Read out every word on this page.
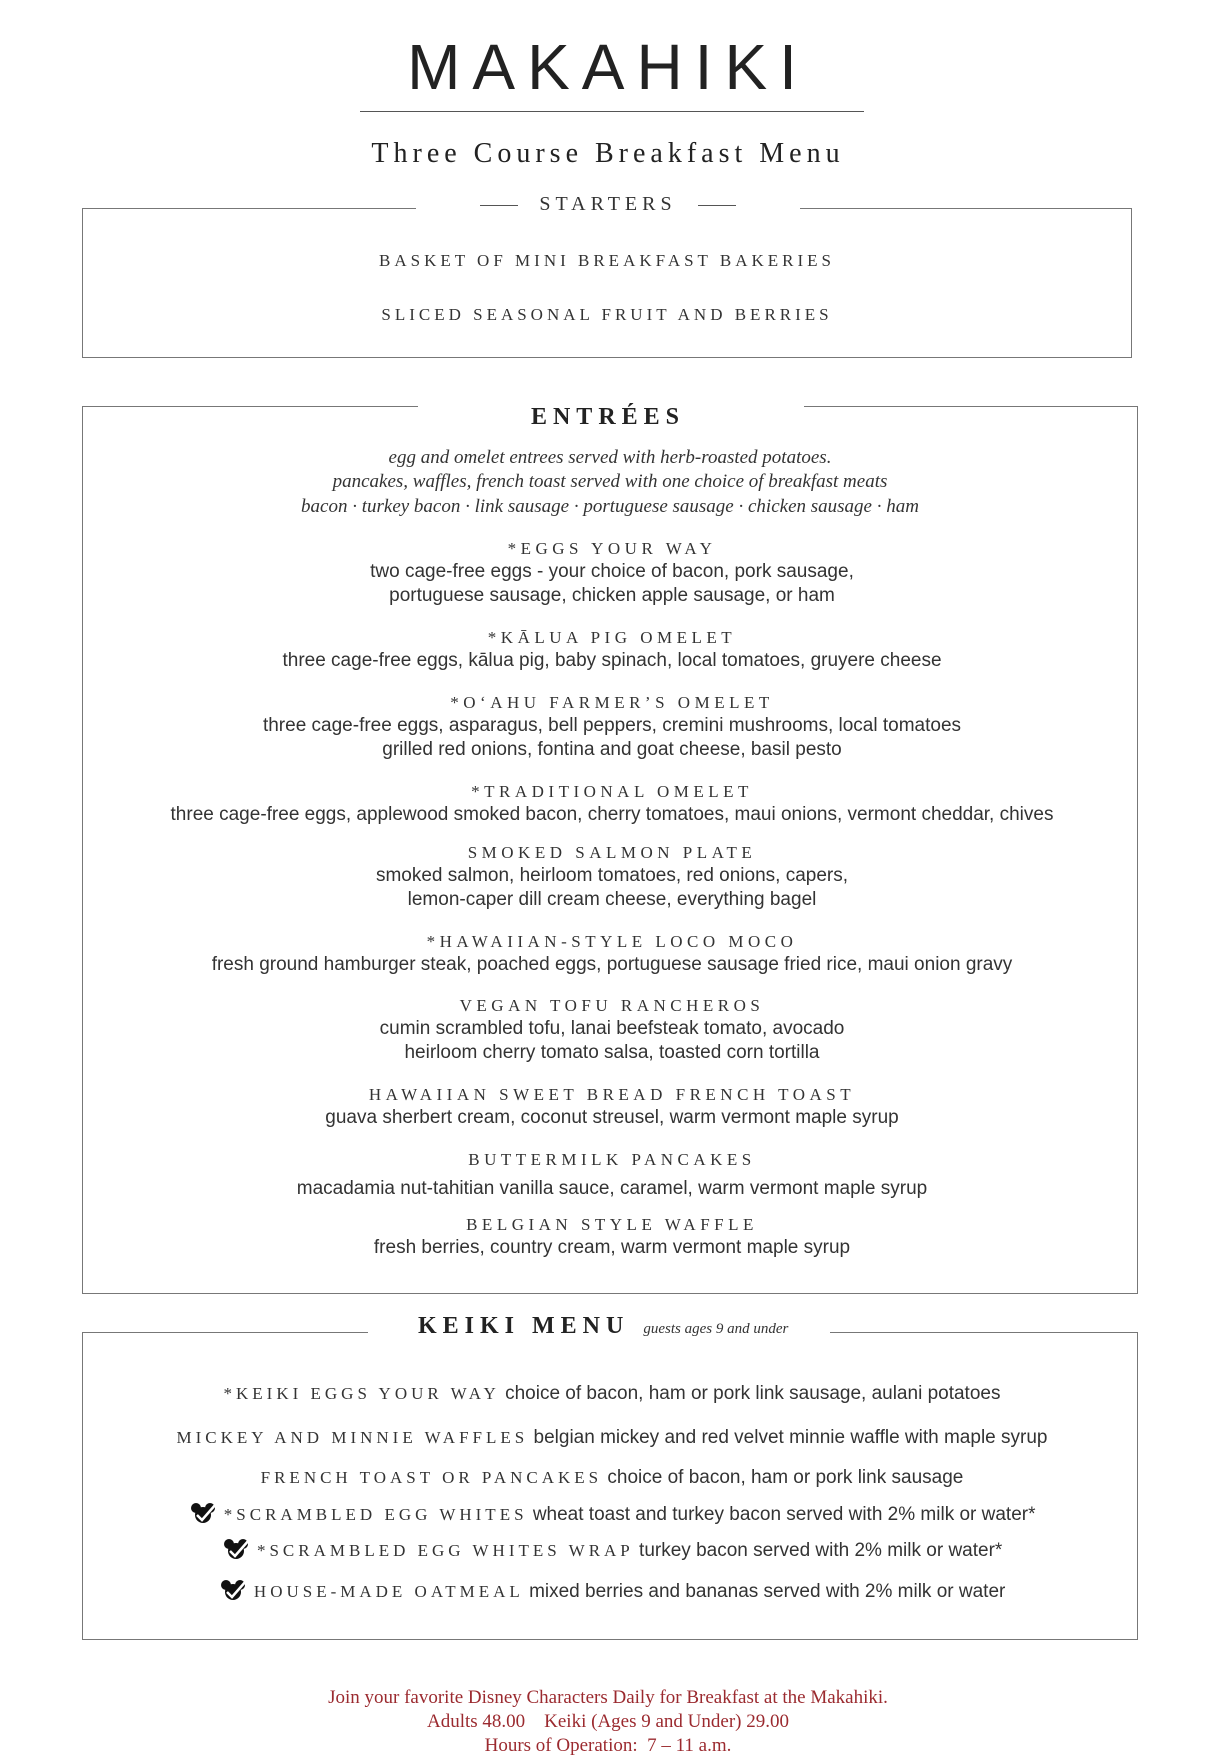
MAKAHIKI
Three Course Breakfast Menu
STARTERS
BASKET OF MINI BREAKFAST BAKERIES
SLICED SEASONAL FRUIT AND BERRIES
ENTRÉES
egg and omelet entrees served with herb-roasted potatoes.
pancakes, waffles, french toast served with one choice of breakfast meats
bacon · turkey bacon · link sausage · portuguese sausage · chicken sausage · ham
*EGGS YOUR WAY
two cage-free eggs - your choice of bacon, pork sausage,
portuguese sausage, chicken apple sausage, or ham
*KĀLUA PIG OMELET
three cage-free eggs, kālua pig, baby spinach, local tomatoes, gruyere cheese
*O‘AHU FARMER’S OMELET
three cage-free eggs, asparagus, bell peppers, cremini mushrooms, local tomatoes
grilled red onions, fontina and goat cheese, basil pesto
*TRADITIONAL OMELET
three cage-free eggs, applewood smoked bacon, cherry tomatoes, maui onions, vermont cheddar, chives
SMOKED SALMON PLATE
smoked salmon, heirloom tomatoes, red onions, capers,
lemon-caper dill cream cheese, everything bagel
*HAWAIIAN-STYLE LOCO MOCO
fresh ground hamburger steak, poached eggs, portuguese sausage fried rice, maui onion gravy
VEGAN TOFU RANCHEROS
cumin scrambled tofu, lanai beefsteak tomato, avocado
heirloom cherry tomato salsa, toasted corn tortilla
HAWAIIAN SWEET BREAD FRENCH TOAST
guava sherbert cream, coconut streusel, warm vermont maple syrup
BUTTERMILK PANCAKES
macadamia nut-tahitian vanilla sauce, caramel, warm vermont maple syrup
BELGIAN STYLE WAFFLE
fresh berries, country cream, warm vermont maple syrup
KEIKI MENU guests ages 9 and under
*KEIKI EGGS YOUR WAY choice of bacon, ham or pork link sausage, aulani potatoes
MICKEY AND MINNIE WAFFLES belgian mickey and red velvet minnie waffle with maple syrup
FRENCH TOAST OR PANCAKES choice of bacon, ham or pork link sausage
*SCRAMBLED EGG WHITES wheat toast and turkey bacon served with 2% milk or water*
*SCRAMBLED EGG WHITES WRAP turkey bacon served with 2% milk or water*
HOUSE-MADE OATMEAL mixed berries and bananas served with 2% milk or water
Join your favorite Disney Characters Daily for Breakfast at the Makahiki.
Adults 48.00    Keiki (Ages 9 and Under) 29.00
Hours of Operation:  7 – 11 a.m.
